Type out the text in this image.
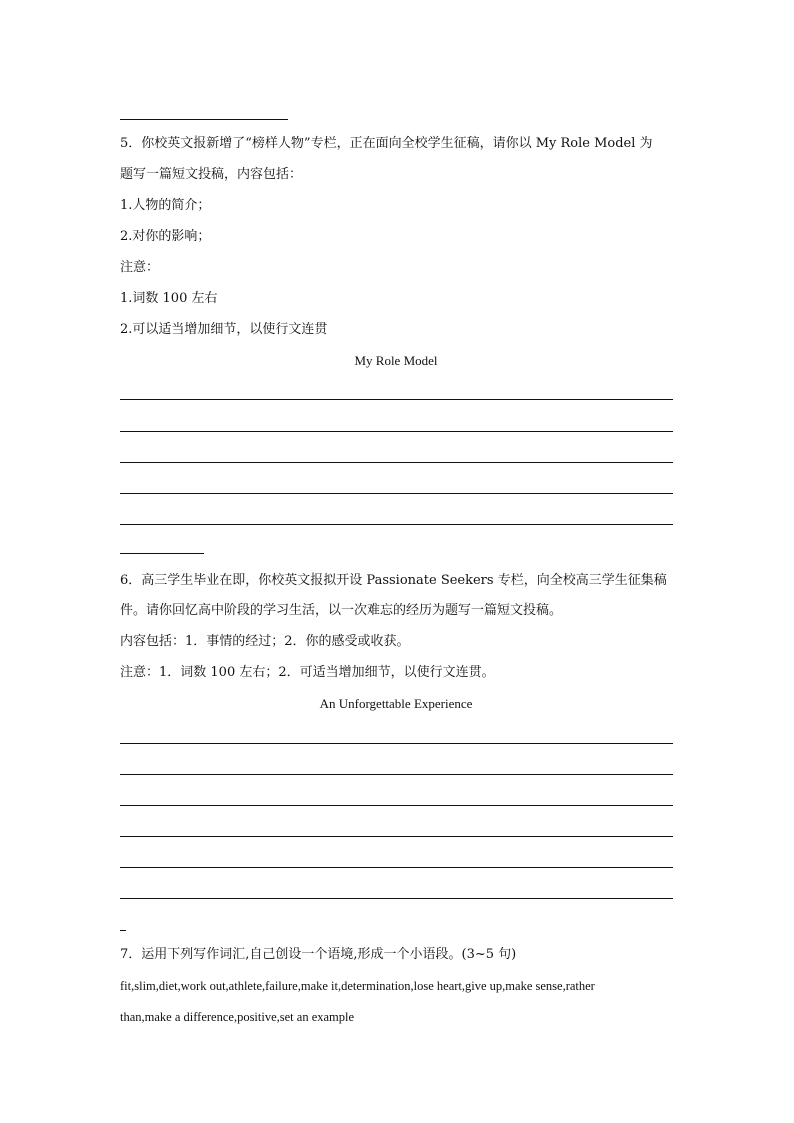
5．你校英文报新增了“榜样人物”专栏，正在面向全校学生征稿，请你以 My Role Model 为
题写一篇短文投稿，内容包括：
1.人物的简介；
2.对你的影响；
注意：
1.词数 100 左右
2.可以适当增加细节，以使行文连贯
My Role Model
6．高三学生毕业在即，你校英文报拟开设 Passionate Seekers 专栏，向全校高三学生征集稿
件。请你回忆高中阶段的学习生活，以一次难忘的经历为题写一篇短文投稿。
内容包括：1．事情的经过；2．你的感受或收获。
注意：1．词数 100 左右；2．可适当增加细节，以使行文连贯。
An Unforgettable Experience
7．运用下列写作词汇,自己创设一个语境,形成一个小语段。(3~5 句)
fit,slim,diet,work out,athlete,failure,make it,determination,lose heart,give up,make sense,rather
than,make a difference,positive,set an example
